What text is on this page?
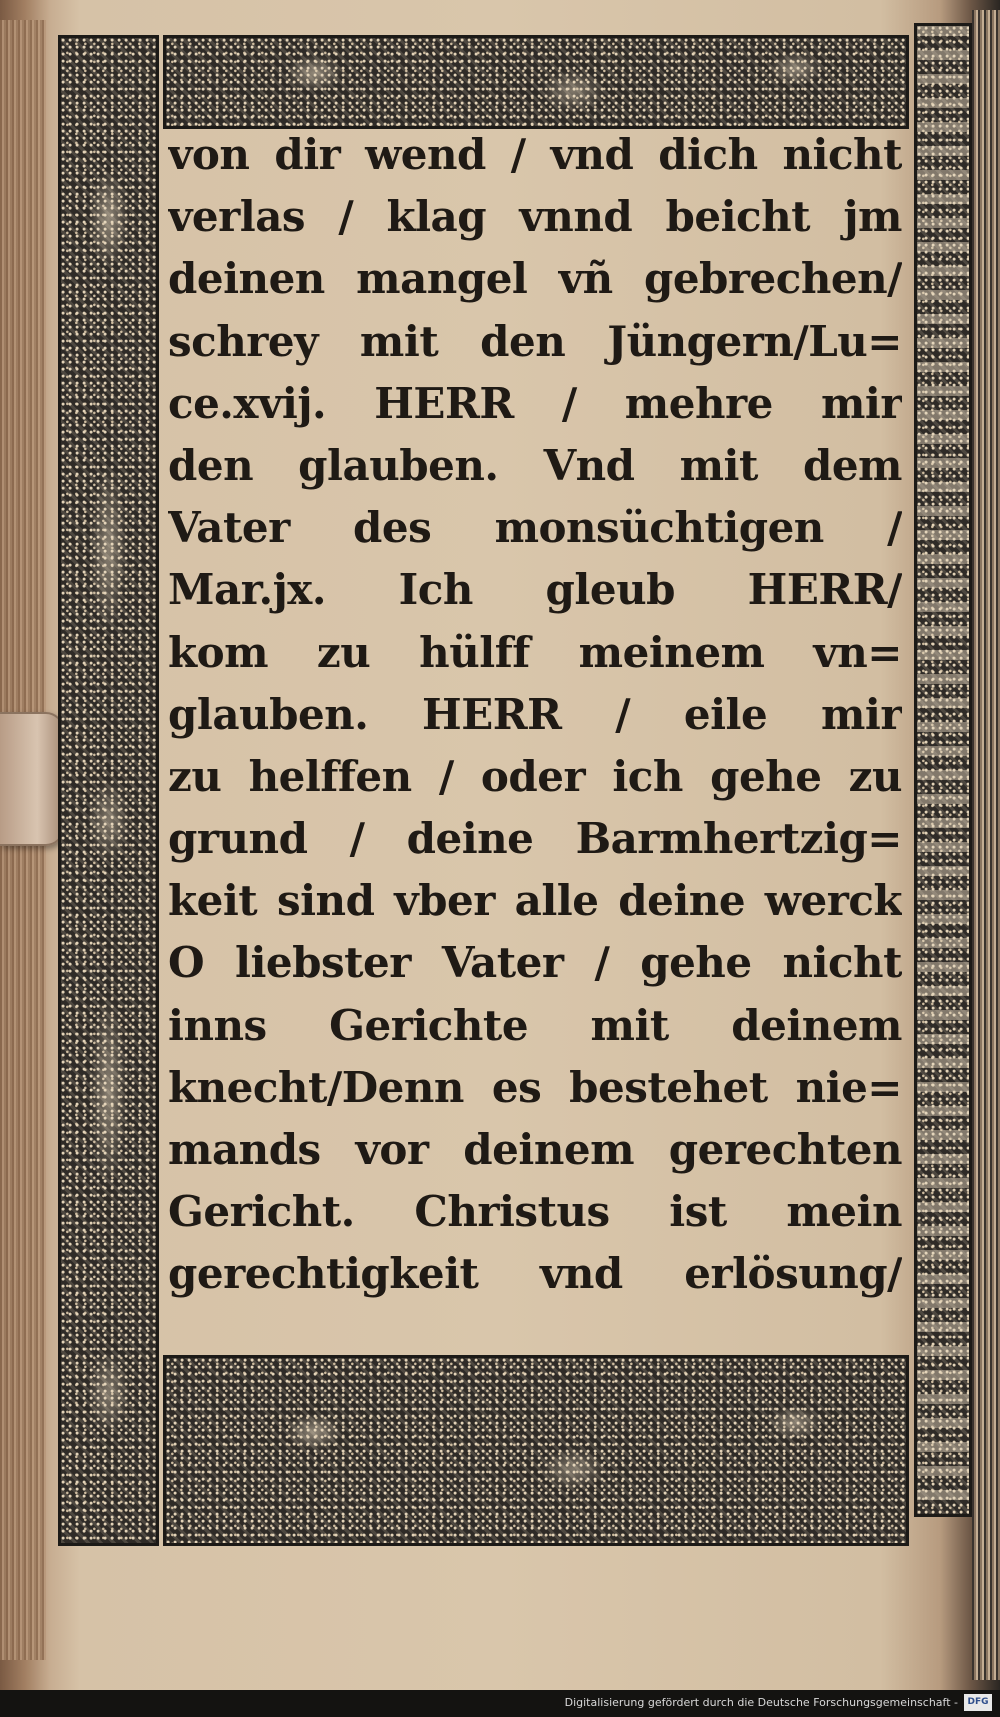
von dir wend / vnd dich nicht
verlas / klag vnnd beicht jm
deinen mangel vñ gebrechen/
schrey mit den Jüngern/Lu=
ce.xvij. HERR / mehre mir
den glauben. Vnd mit dem
Vater des monsüchtigen /
Mar.jx. Ich gleub HERR/
kom zu hülff meinem vn=
glauben. HERR / eile mir
zu helffen / oder ich gehe zu
grund / deine Barmhertzig=
keit sind vber alle deine werck
O liebster Vater / gehe nicht
inns Gerichte mit deinem
knecht/Denn es bestehet nie=
mands vor deinem gerechten
Gericht. Christus ist mein
gerechtigkeit vnd erlösung/
Digitalisierung gefördert durch die Deutsche Forschungsgemeinschaft -	DFG
